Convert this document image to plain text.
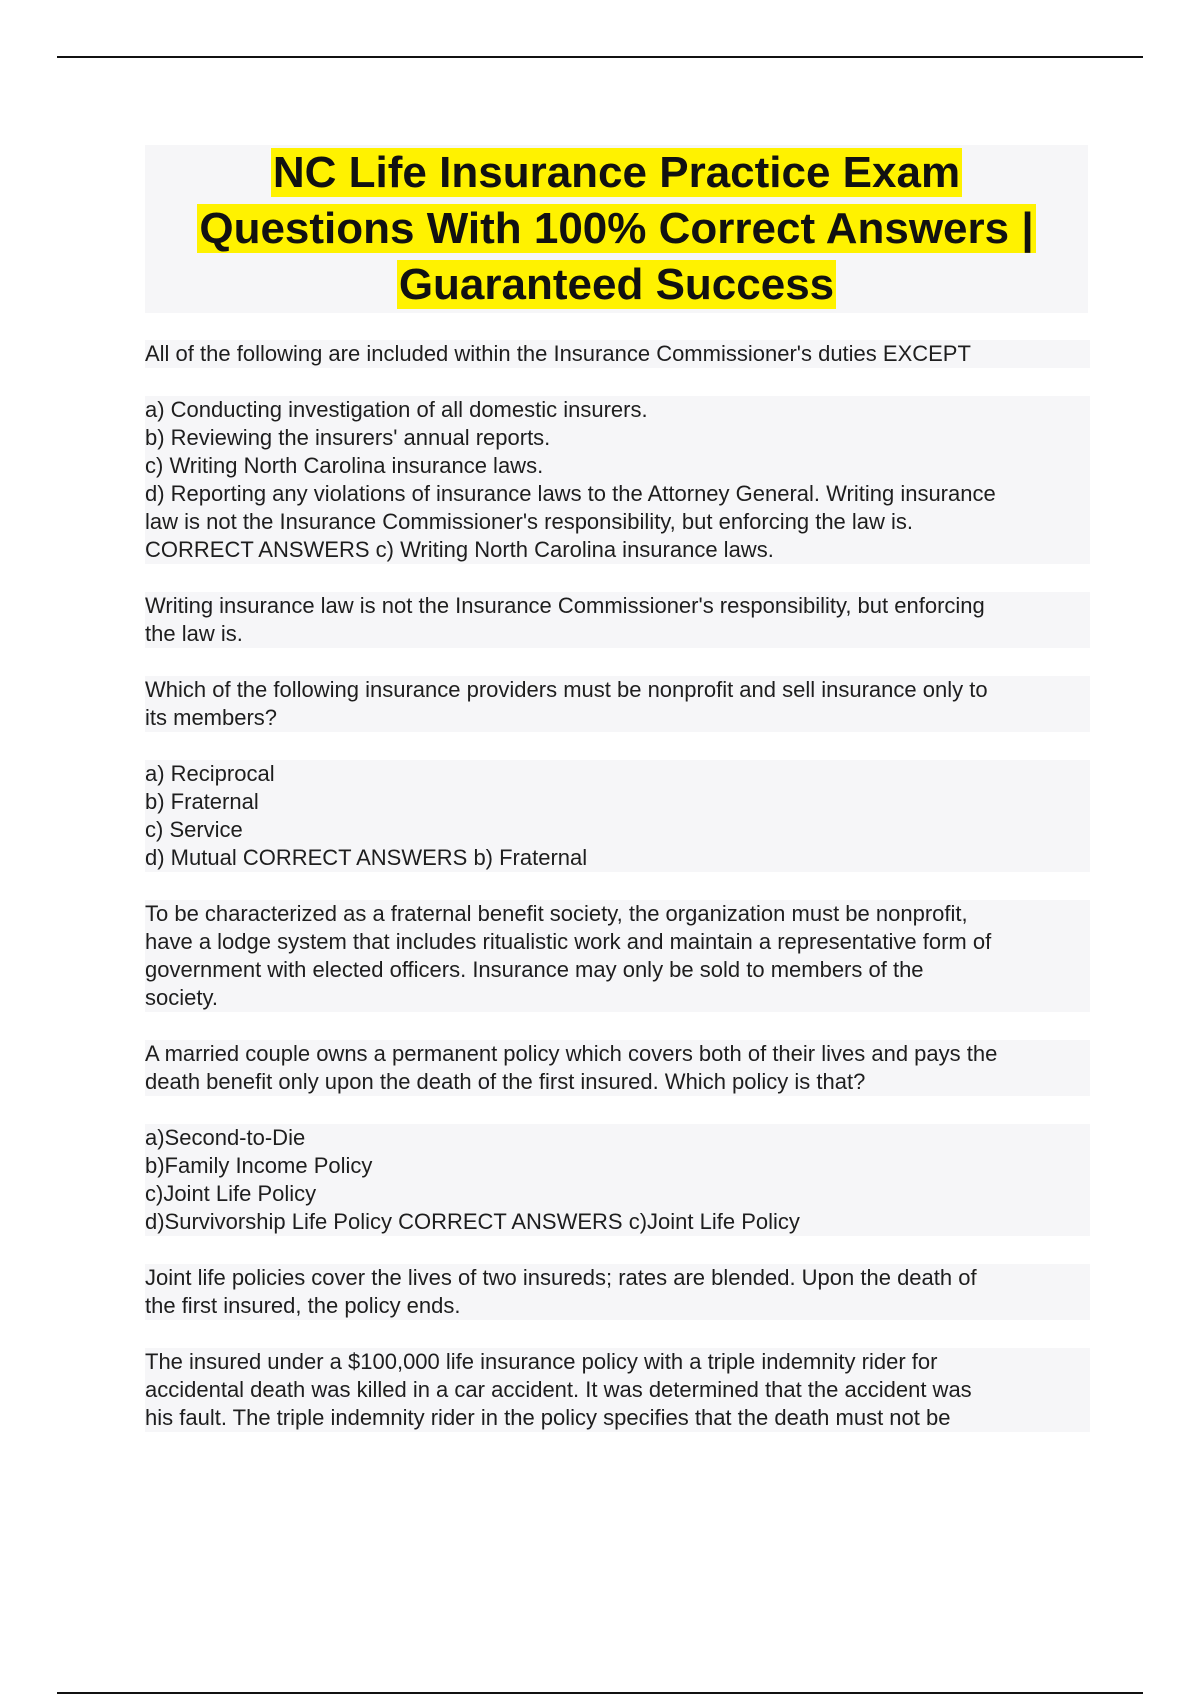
NC Life Insurance Practice Exam
Questions With 100% Correct Answers |
Guaranteed Success
All of the following are included within the Insurance Commissioner's duties EXCEPT
a) Conducting investigation of all domestic insurers.
b) Reviewing the insurers' annual reports.
c) Writing North Carolina insurance laws.
d) Reporting any violations of insurance laws to the Attorney General. Writing insurance
law is not the Insurance Commissioner's responsibility, but enforcing the law is.
CORRECT ANSWERS c) Writing North Carolina insurance laws.
Writing insurance law is not the Insurance Commissioner's responsibility, but enforcing
the law is.
Which of the following insurance providers must be nonprofit and sell insurance only to
its members?
a) Reciprocal
b) Fraternal
c) Service
d) Mutual CORRECT ANSWERS b) Fraternal
To be characterized as a fraternal benefit society, the organization must be nonprofit,
have a lodge system that includes ritualistic work and maintain a representative form of
government with elected officers. Insurance may only be sold to members of the
society.
A married couple owns a permanent policy which covers both of their lives and pays the
death benefit only upon the death of the first insured. Which policy is that?
a)Second-to-Die
b)Family Income Policy
c)Joint Life Policy
d)Survivorship Life Policy CORRECT ANSWERS c)Joint Life Policy
Joint life policies cover the lives of two insureds; rates are blended. Upon the death of
the first insured, the policy ends.
The insured under a $100,000 life insurance policy with a triple indemnity rider for
accidental death was killed in a car accident. It was determined that the accident was
his fault. The triple indemnity rider in the policy specifies that the death must not be
